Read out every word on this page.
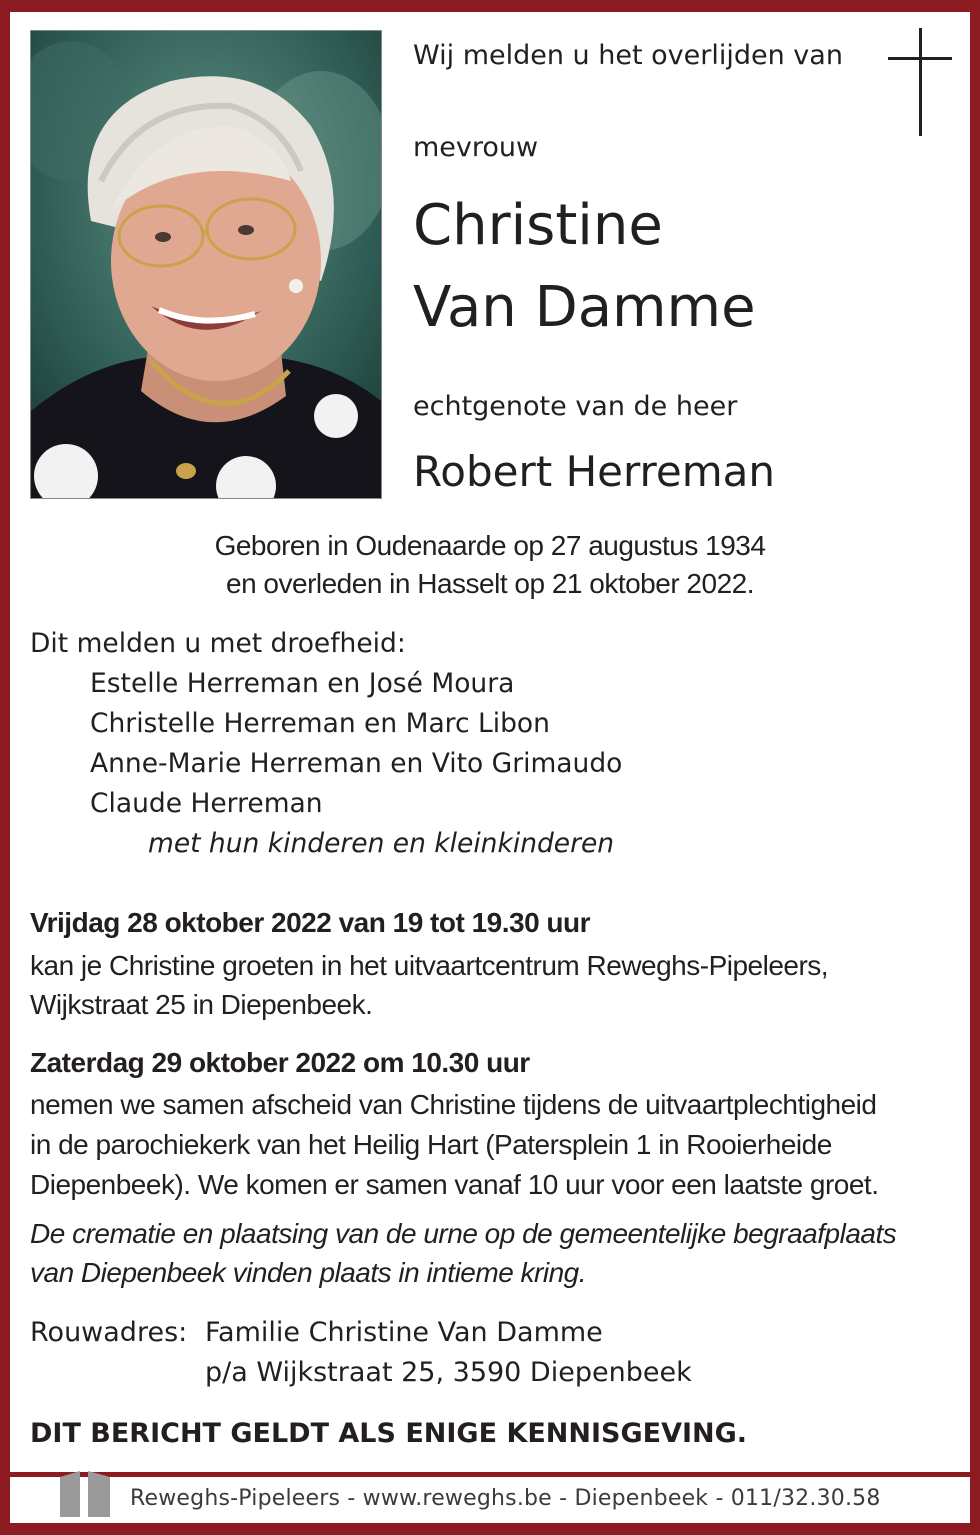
Wij melden u het overlijden van

mevrouw

Christine

Van Damme

echtgenote van de heer

Robert Herreman

Geboren in Oudenaarde op 27 augustus 1934

en overleden in Hasselt op 21 oktober 2022.

Dit melden u met droefheid:

Estelle Herreman en José Moura

Christelle Herreman en Marc Libon

Anne-Marie Herreman en Vito Grimaudo

Claude Herreman

met hun kinderen en kleinkinderen

Vrijdag 28 oktober 2022 van 19 tot 19.30 uur

kan je Christine groeten in het uitvaartcentrum Reweghs-Pipeleers,

Wijkstraat 25 in Diepenbeek.

Zaterdag 29 oktober 2022 om 10.30 uur

nemen we samen afscheid van Christine tijdens de uitvaartplechtigheid

in de parochiekerk van het Heilig Hart (Patersplein 1 in Rooierheide

Diepenbeek). We komen er samen vanaf 10 uur voor een laatste groet.

De crematie en plaatsing van de urne op de gemeentelijke begraafplaats

van Diepenbeek vinden plaats in intieme kring.

Rouwadres: Familie Christine Van Damme

p/a Wijkstraat 25, 3590 Diepenbeek

DIT BERICHT GELDT ALS ENIGE KENNISGEVING.

Reweghs-Pipeleers - www.reweghs.be - Diepenbeek - 011/32.30.58
